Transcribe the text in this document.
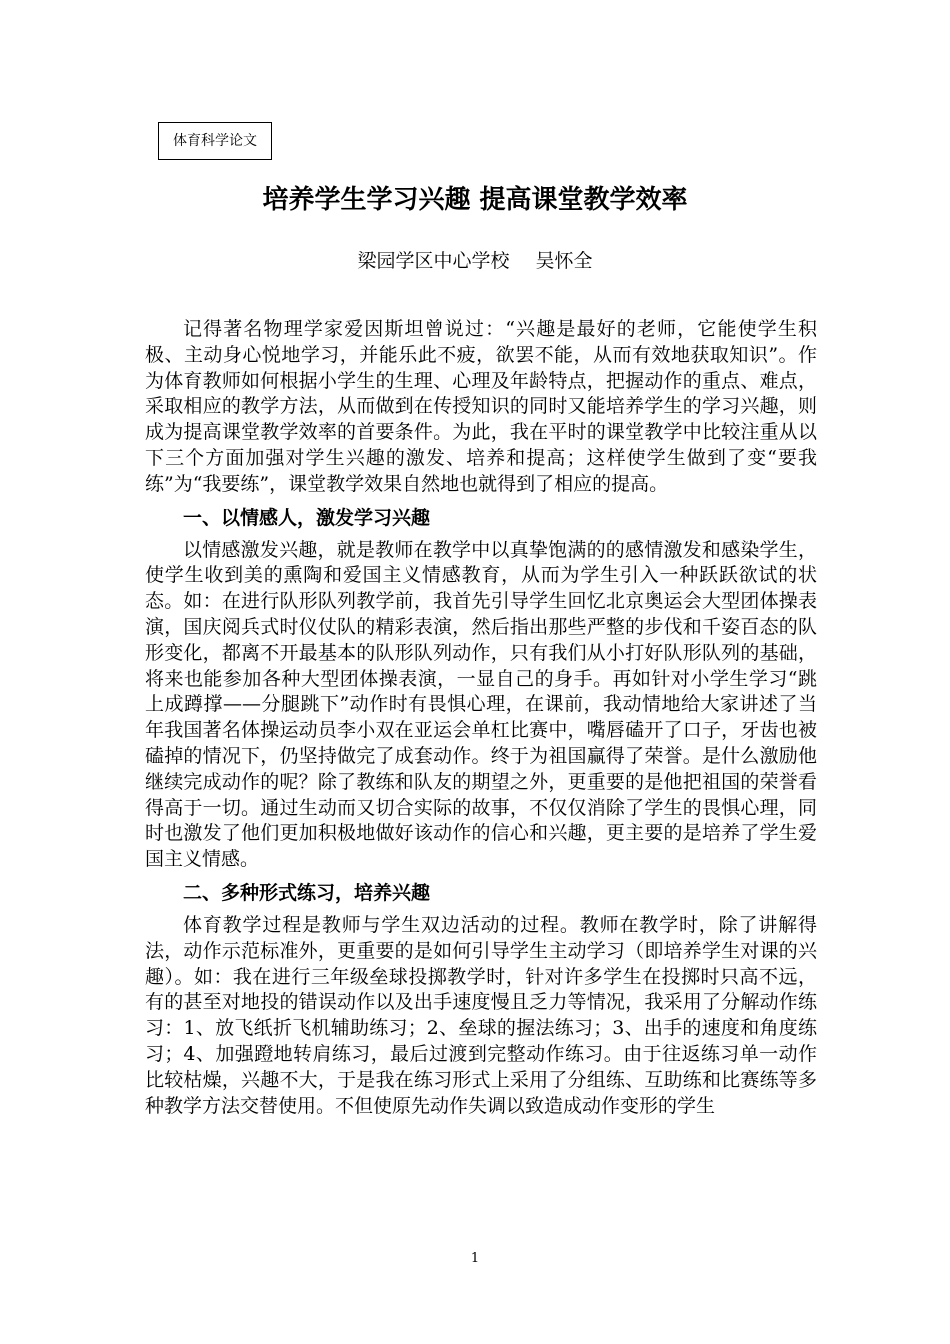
体育科学论文
培养学生学习兴趣 提高课堂教学效率
梁园学区中心学校 吴怀全

记得著名物理学家爱因斯坦曾说过：“兴趣是最好的老师，它能使学生积极、主动身心悦地学习，并能乐此不疲，欲罢不能，从而有效地获取知识”。作为体育教师如何根据小学生的生理、心理及年龄特点，把握动作的重点、难点，采取相应的教学方法，从而做到在传授知识的同时又能培养学生的学习兴趣，则成为提高课堂教学效率的首要条件。为此，我在平时的课堂教学中比较注重从以下三个方面加强对学生兴趣的激发、培养和提高；这样使学生做到了变“要我练”为“我要练”，课堂教学效果自然地也就得到了相应的提高。

一、以情感人，激发学习兴趣

以情感激发兴趣，就是教师在教学中以真挚饱满的的感情激发和感染学生，使学生收到美的熏陶和爱国主义情感教育，从而为学生引入一种跃跃欲试的状态。如：在进行队形队列教学前，我首先引导学生回忆北京奥运会大型团体操表演，国庆阅兵式时仪仗队的精彩表演，然后指出那些严整的步伐和千姿百态的队形变化，都离不开最基本的队形队列动作，只有我们从小打好队形队列的基础，将来也能参加各种大型团体操表演，一显自己的身手。再如针对小学生学习“跳上成蹲撑——分腿跳下”动作时有畏惧心理，在课前，我动情地给大家讲述了当年我国著名体操运动员李小双在亚运会单杠比赛中，嘴唇磕开了口子，牙齿也被磕掉的情况下，仍坚持做完了成套动作。终于为祖国赢得了荣誉。是什么激励他继续完成动作的呢？除了教练和队友的期望之外，更重要的是他把祖国的荣誉看得高于一切。通过生动而又切合实际的故事，不仅仅消除了学生的畏惧心理，同时也激发了他们更加积极地做好该动作的信心和兴趣，更主要的是培养了学生爱国主义情感。

二、多种形式练习，培养兴趣

体育教学过程是教师与学生双边活动的过程。教师在教学时，除了讲解得法，动作示范标准外，更重要的是如何引导学生主动学习（即培养学生对课的兴趣）。如：我在进行三年级垒球投掷教学时，针对许多学生在投掷时只高不远，有的甚至对地投的错误动作以及出手速度慢且乏力等情况，我采用了分解动作练习：1、放飞纸折飞机辅助练习；2、垒球的握法练习；3、出手的速度和角度练习；4、加强蹬地转肩练习，最后过渡到完整动作练习。由于往返练习单一动作比较枯燥，兴趣不大，于是我在练习形式上采用了分组练、互助练和比赛练等多种教学方法交替使用。不但使原先动作失调以致造成动作变形的学生

1
